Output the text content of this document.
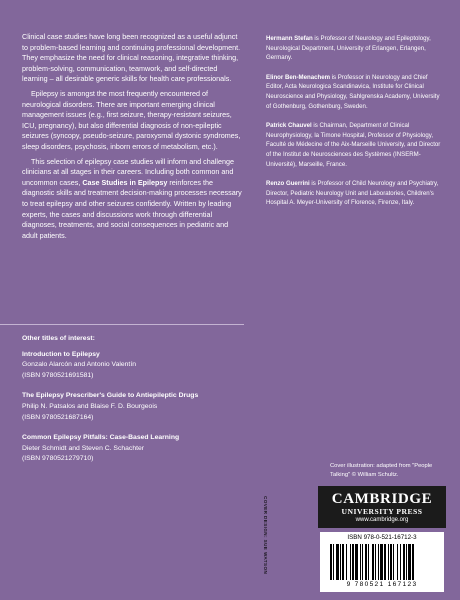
Clinical case studies have long been recognized as a useful adjunct to problem-based learning and continuing professional development. They emphasize the need for clinical reasoning, integrative thinking, problem-solving, communication, teamwork, and self-directed learning – all desirable generic skills for health care professionals.

Epilepsy is amongst the most frequently encountered of neurological disorders. There are important emerging clinical management issues (e.g., first seizure, therapy-resistant seizures, ICU, pregnancy), but also differential diagnosis of non-epileptic seizures (syncopy, pseudo-seizure, paroxysmal dystonic syndromes, sleep disorders, psychosis, inborn errors of metabolism, etc.).

This selection of epilepsy case studies will inform and challenge clinicians at all stages in their careers. Including both common and uncommon cases, Case Studies in Epilepsy reinforces the diagnostic skills and treatment decision-making processes necessary to treat epilepsy and other seizures confidently. Written by leading experts, the cases and discussions work through differential diagnoses, treatments, and social consequences in pediatric and adult patients.

Hermann Stefan is Professor of Neurology and Epileptology, Neurological Department, University of Erlangen, Erlangen, Germany.
Elinor Ben-Menachem is Professor in Neurology and Chief Editor, Acta Neurologica Scandinavica, Institute for Clinical Neuroscience and Physiology, Sahlgrenska Academy, University of Gothenburg, Gothenburg, Sweden.
Patrick Chauvel is Chairman, Department of Clinical Neurophysiology, la Timone Hospital, Professor of Physiology, Faculté de Médecine of the Aix-Marseille University, and Director of the Institut de Neurosciences des Systèmes (INSERM-Université), Marseille, France.
Renzo Guerrini is Professor of Child Neurology and Psychiatry, Director, Pediatric Neurology Unit and Laboratories, Children's Hospital A. Meyer-University of Florence, Firenze, Italy.
Other titles of interest:
Introduction to Epilepsy
Gonzalo Alarcón and Antonio Valentín
(ISBN 9780521691581)
The Epilepsy Prescriber's Guide to Antiepileptic Drugs
Philip N. Patsalos and Blaise F. D. Bourgeois
(ISBN 9780521687164)
Common Epilepsy Pitfalls: Case-Based Learning
Dieter Schmidt and Steven C. Schachter
(ISBN 9780521279710)
COVER DESIGN: SUE WATSON
Cover illustration: adapted from "People Talking" © William Schultz.
CAMBRIDGE
UNIVERSITY PRESS
www.cambridge.org
ISBN 978-0-521-16712-3
9 780521 167123
